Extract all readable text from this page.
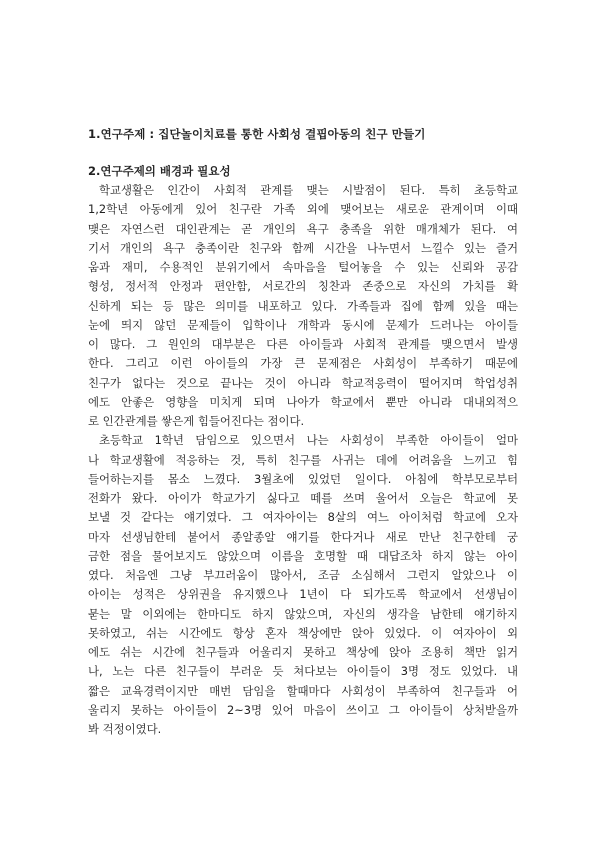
1.연구주제 : 집단놀이치료를 통한 사회성 결핍아동의 친구 만들기
2.연구주제의 배경과 필요성
학교생활은 인간이 사회적 관계를 맺는 시발점이 된다. 특히 초등학교
1,2학년 아동에게 있어 친구란 가족 외에 맺어보는 새로운 관계이며 이때
맺은 자연스런 대인관계는 곧 개인의 욕구 충족을 위한 매개체가 된다. 여
기서 개인의 욕구 충족이란 친구와 함께 시간을 나누면서 느낄수 있는 즐거
움과 재미, 수용적인 분위기에서 속마음을 털어놓을 수 있는 신뢰와 공감
형성, 정서적 안정과 편안함, 서로간의 칭찬과 존중으로 자신의 가치를 확
신하게 되는 등 많은 의미를 내포하고 있다. 가족들과 집에 함께 있을 때는
눈에 띄지 않던 문제들이 입학이나 개학과 동시에 문제가 드러나는 아이들
이 많다. 그 원인의 대부분은 다른 아이들과 사회적 관계를 맺으면서 발생
한다. 그리고 이런 아이들의 가장 큰 문제점은 사회성이 부족하기 때문에
친구가 없다는 것으로 끝나는 것이 아니라 학교적응력이 떨어지며 학업성취
에도 안좋은 영향을 미치게 되며 나아가 학교에서 뿐만 아니라 대내외적으
로 인간관계를 쌓은게 힘들어진다는 점이다.
초등학교 1학년 담임으로 있으면서 나는 사회성이 부족한 아이들이 얼마
나 학교생활에 적응하는 것, 특히 친구를 사귀는 데에 어려움을 느끼고 힘
들어하는지를 몸소 느꼈다. 3월초에 있었던 일이다. 아침에 학부모로부터
전화가 왔다. 아이가 학교가기 싫다고 떼를 쓰며 울어서 오늘은 학교에 못
보낼 것 같다는 얘기였다. 그 여자아이는 8살의 여느 아이처럼 학교에 오자
마자 선생님한테 붙어서 종알종알 얘기를 한다거나 새로 만난 친구한테 궁
금한 점을 물어보지도 않았으며 이름을 호명할 때 대답조차 하지 않는 아이
였다. 처음엔 그냥 부끄러움이 많아서, 조금 소심해서 그런지 알았으나 이
아이는 성적은 상위권을 유지했으나 1년이 다 되가도록 학교에서 선생님이
묻는 말 이외에는 한마디도 하지 않았으며, 자신의 생각을 남한테 얘기하지
못하였고, 쉬는 시간에도 항상 혼자 책상에만 앉아 있었다. 이 여자아이 외
에도 쉬는 시간에 친구들과 어울리지 못하고 책상에 앉아 조용히 책만 읽거
나, 노는 다른 친구들이 부러운 듯 쳐다보는 아이들이 3명 정도 있었다. 내
짧은 교육경력이지만 매번 담임을 할때마다 사회성이 부족하여 친구들과 어
울리지 못하는 아이들이 2~3명 있어 마음이 쓰이고 그 아이들이 상처받을까
봐 걱정이였다.
